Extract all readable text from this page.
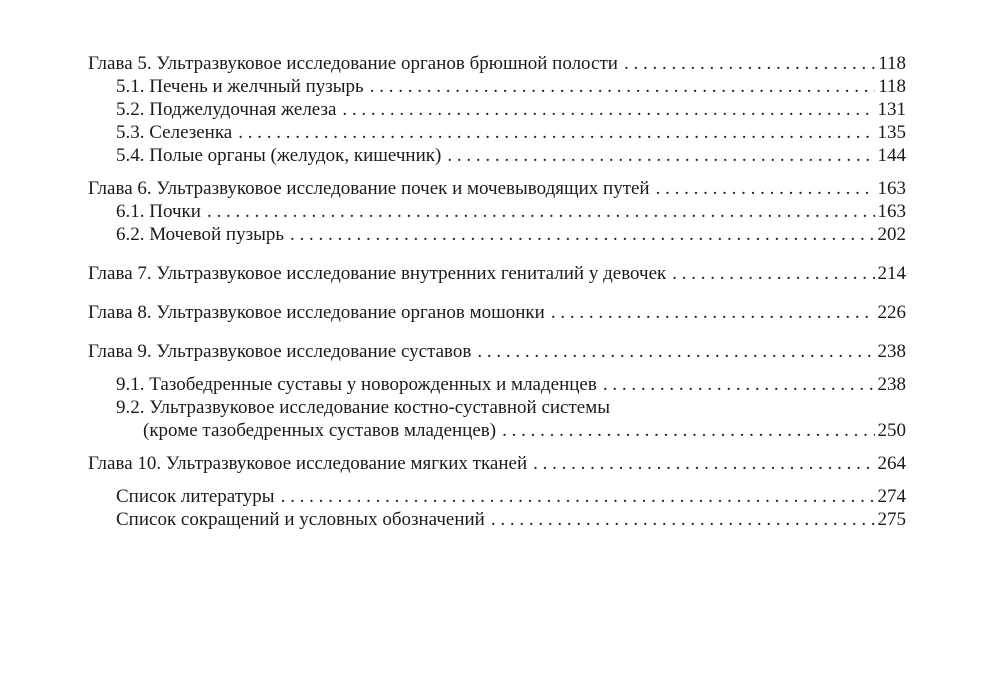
Глава 5. Ультразвуковое исследование органов брюшной полости . . .	118
5.1. Печень и желчный пузырь . . .	118
5.2. Поджелудочная железа . . .	131
5.3. Селезенка . . .	135
5.4. Полые органы (желудок, кишечник) . . .	144
Глава 6. Ультразвуковое исследование почек и мочевыводящих путей . . .	163
6.1. Почки . . .	163
6.2. Мочевой пузырь . . .	202
Глава 7. Ультразвуковое исследование внутренних гениталий у девочек . . .	214
Глава 8. Ультразвуковое исследование органов мошонки . . .	226
Глава 9. Ультразвуковое исследование суставов . . .	238
9.1. Тазобедренные суставы у новорожденных и младенцев . . .	238
9.2. Ультразвуковое исследование костно-суставной системы
(кроме тазобедренных суставов младенцев) . . .	250
Глава 10. Ультразвуковое исследование мягких тканей . . .	264
Список литературы . . .	274
Список сокращений и условных обозначений . . .	275
